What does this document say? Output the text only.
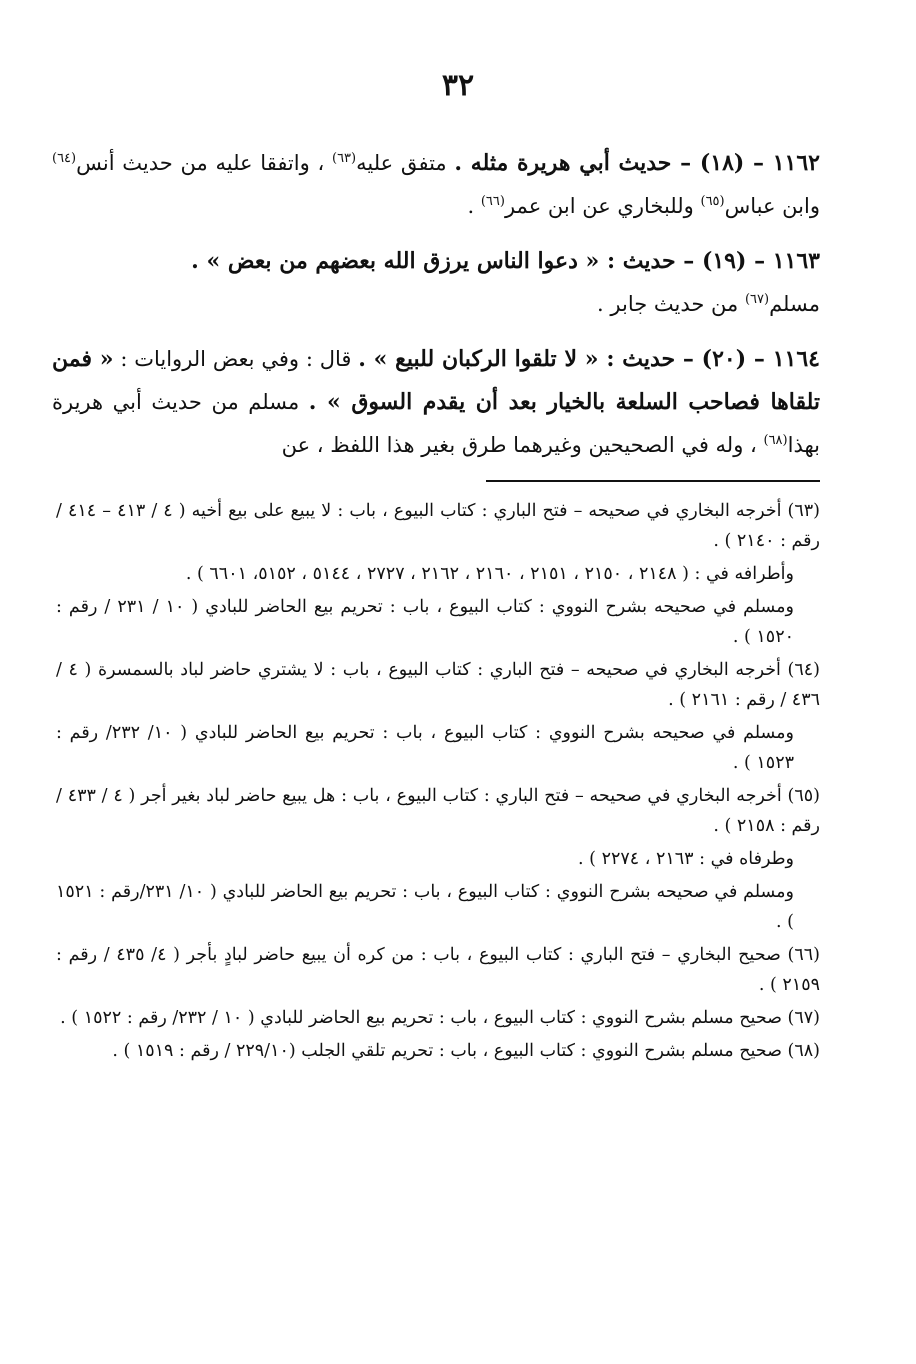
٣٢

١١٦٢ – (١٨) – حديث أبي هريرة مثله . متفق عليه$^{(٦٣)}$ ، واتفقا عليه من حديث أنس$^{(٦٤)}$ وابن عباس$^{(٦٥)}$ وللبخاري عن ابن عمر$^{(٦٦)}$ .

١١٦٣ – (١٩) – حديث : « دعوا الناس يرزق الله بعضهم من بعض » .
مسلم$^{(٦٧)}$ من حديث جابر .

١١٦٤ – (٢٠) – حديث : « لا تلقوا الركبان للبيع » . قال : وفي بعض الروايات : « فمن تلقاها فصاحب السلعة بالخيار بعد أن يقدم السوق » . مسلم من حديث أبي هريرة بهذا$^{(٦٨)}$ ، وله في الصحيحين وغيرهما طرق بغير هذا اللفظ ، عن

(٦٣) أخرجه البخاري في صحيحه – فتح الباري : كتاب البيوع ، باب : لا يبيع على بيع أخيه ( ٤ / ٤١٣ – ٤١٤ / رقم : ٢١٤٠ ) .

وأطرافه في : ( ٢١٤٨ ، ٢١٥٠ ، ٢١٥١ ، ٢١٦٠ ، ٢١٦٢ ، ٢٧٢٧ ، ٥١٤٤ ، ٥١٥٢، ٦٦٠١ ) .

ومسلم في صحيحه بشرح النووي : كتاب البيوع ، باب : تحريم بيع الحاضر للبادي ( ١٠ / ٢٣١ / رقم : ١٥٢٠ ) .

(٦٤) أخرجه البخاري في صحيحه – فتح الباري : كتاب البيوع ، باب : لا يشتري حاضر لباد بالسمسرة ( ٤ / ٤٣٦ / رقم : ٢١٦١ ) .

ومسلم في صحيحه بشرح النووي : كتاب البيوع ، باب : تحريم بيع الحاضر للبادي ( ١٠/ ٢٣٢/ رقم : ١٥٢٣ ) .

(٦٥) أخرجه البخاري في صحيحه – فتح الباري : كتاب البيوع ، باب : هل يبيع حاضر لباد بغير أجر ( ٤ / ٤٣٣ / رقم : ٢١٥٨ ) .

وطرفاه في : ٢١٦٣ ، ٢٢٧٤ ) .

ومسلم في صحيحه بشرح النووي : كتاب البيوع ، باب : تحريم بيع الحاضر للبادي ( ١٠/ ٢٣١/رقم : ١٥٢١ ) .

(٦٦) صحيح البخاري – فتح الباري : كتاب البيوع ، باب : من كره أن يبيع حاضر لبادٍ بأجر ( ٤/ ٤٣٥ / رقم : ٢١٥٩ ) .

(٦٧) صحيح مسلم بشرح النووي : كتاب البيوع ، باب : تحريم بيع الحاضر للبادي ( ١٠ / ٢٣٢/ رقم : ١٥٢٢ ) .

(٦٨) صحيح مسلم بشرح النووي : كتاب البيوع ، باب : تحريم تلقي الجلب (٢٢٩/١٠ / رقم : ١٥١٩ ) .
